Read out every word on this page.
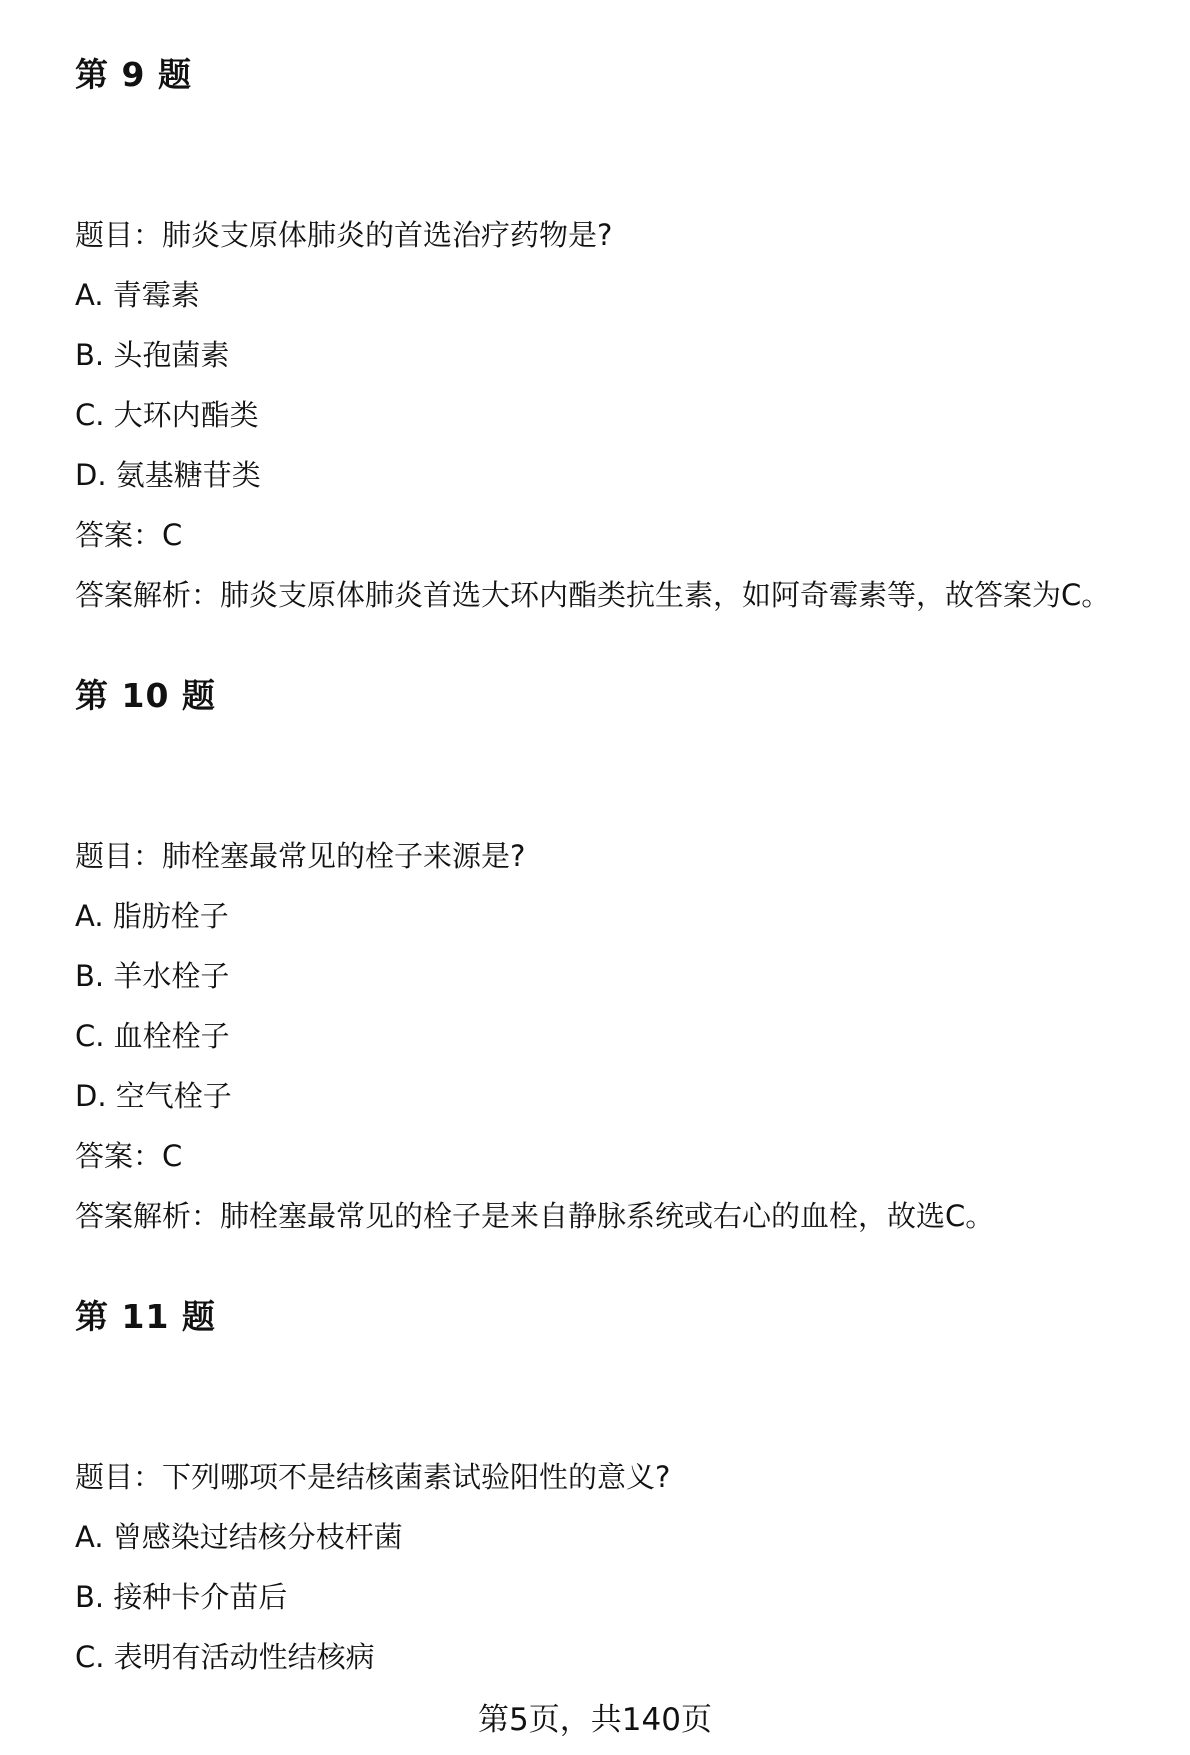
第 9 题

题目：肺炎支原体肺炎的首选治疗药物是?

A. 青霉素

B. 头孢菌素

C. 大环内酯类

D. 氨基糖苷类

答案：C

答案解析：肺炎支原体肺炎首选大环内酯类抗生素，如阿奇霉素等，故答案为C。

第 10 题

题目：肺栓塞最常见的栓子来源是?

A. 脂肪栓子

B. 羊水栓子

C. 血栓栓子

D. 空气栓子

答案：C

答案解析：肺栓塞最常见的栓子是来自静脉系统或右心的血栓，故选C。

第 11 题

题目：下列哪项不是结核菌素试验阳性的意义?

A. 曾感染过结核分枝杆菌

B. 接种卡介苗后

C. 表明有活动性结核病

第5页，共140页
